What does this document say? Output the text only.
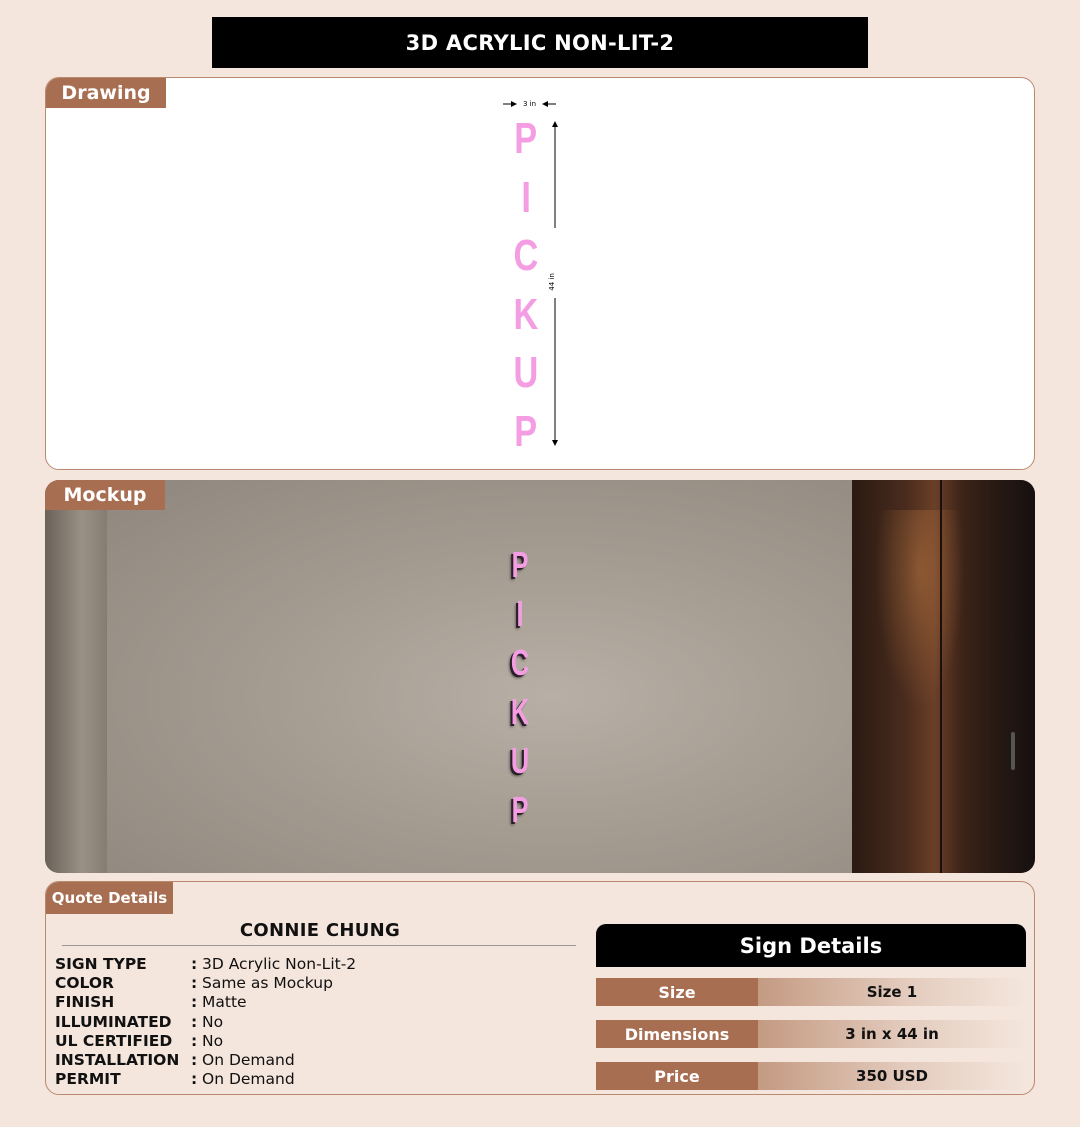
3D ACRYLIC NON-LIT-2
Drawing	3 in
44 in
P
I
C
K
U
P
Mockup
P
I
C
K
U
P
Quote Details
CONNIE CHUNG
SIGN TYPE	: 3D Acrylic Non-Lit-2
COLOR	: Same as Mockup
FINISH	: Matte
ILLUMINATED	: No
UL CERTIFIED	: No
INSTALLATION : On Demand
PERMIT	: On Demand
Sign Details
Size	Size 1
Dimensions	3 in x 44 in
Price	350 USD
